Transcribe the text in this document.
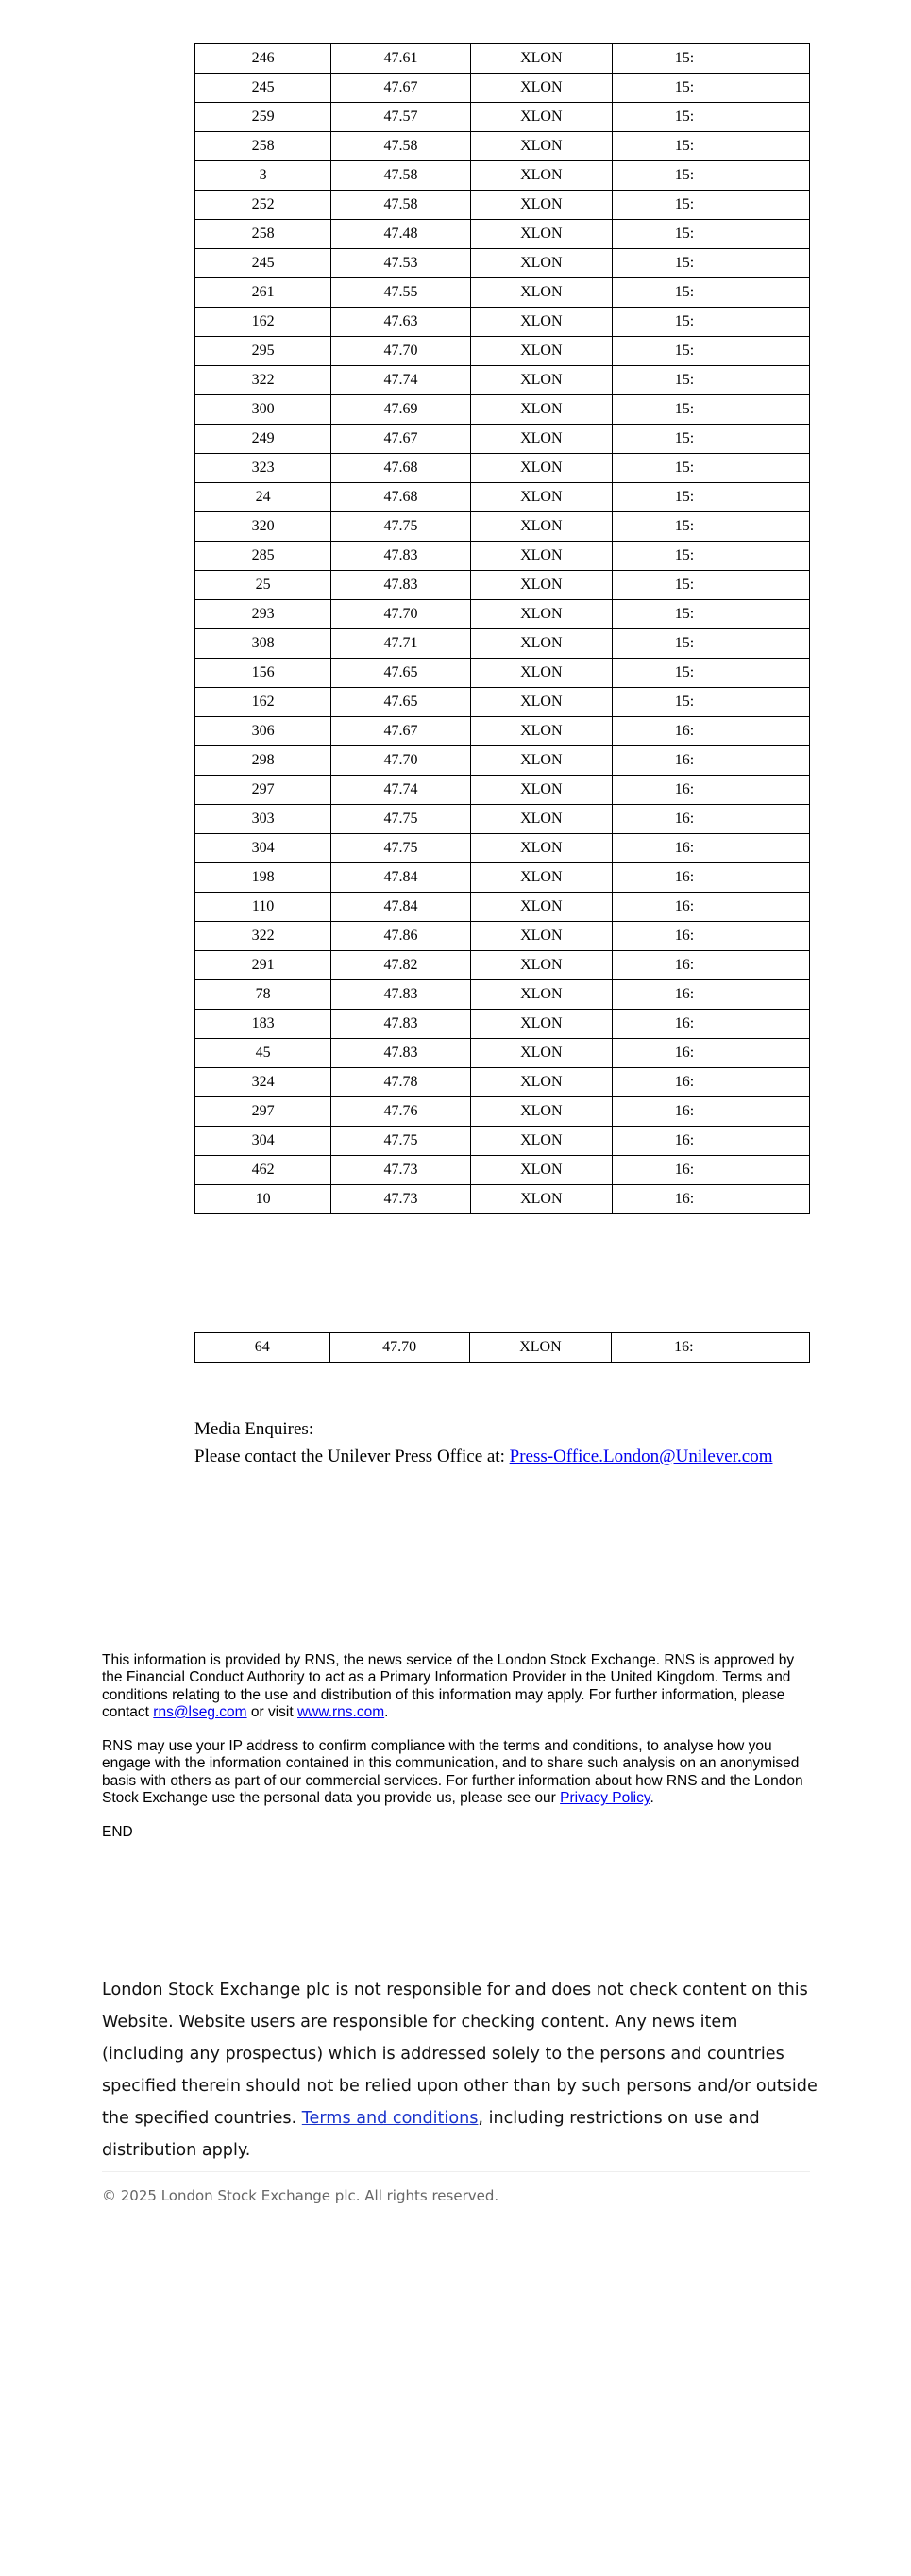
246	47.61	XLON	15:
245	47.67	XLON	15:
259	47.57	XLON	15:
258	47.58	XLON	15:
3	47.58	XLON	15:
252	47.58	XLON	15:
258	47.48	XLON	15:
245	47.53	XLON	15:
261	47.55	XLON	15:
162	47.63	XLON	15:
295	47.70	XLON	15:
322	47.74	XLON	15:
300	47.69	XLON	15:
249	47.67	XLON	15:
323	47.68	XLON	15:
24	47.68	XLON	15:
320	47.75	XLON	15:
285	47.83	XLON	15:
25	47.83	XLON	15:
293	47.70	XLON	15:
308	47.71	XLON	15:
156	47.65	XLON	15:
162	47.65	XLON	15:
306	47.67	XLON	16:
298	47.70	XLON	16:
297	47.74	XLON	16:
303	47.75	XLON	16:
304	47.75	XLON	16:
198	47.84	XLON	16:
110	47.84	XLON	16:
322	47.86	XLON	16:
291	47.82	XLON	16:
78	47.83	XLON	16:
183	47.83	XLON	16:
45	47.83	XLON	16:
324	47.78	XLON	16:
297	47.76	XLON	16:
304	47.75	XLON	16:
462	47.73	XLON	16:
10	47.73	XLON	16:
64	47.70	XLON	16:
Media Enquires:
Please contact the Unilever Press Office at: Press-Office.London@Unilever.com

This information is provided by RNS, the news service of the London Stock Exchange. RNS is approved by the Financial Conduct Authority to act as a Primary Information Provider in the United Kingdom. Terms and conditions relating to the use and distribution of this information may apply. For further information, please contact rns@lseg.com or visit www.rns.com.

RNS may use your IP address to confirm compliance with the terms and conditions, to analyse how you engage with the information contained in this communication, and to share such analysis on an anonymised basis with others as part of our commercial services. For further information about how RNS and the London Stock Exchange use the personal data you provide us, please see our Privacy Policy.

END

London Stock Exchange plc is not responsible for and does not check content on this Website. Website users are responsible for checking content. Any news item (including any prospectus) which is addressed solely to the persons and countries specified therein should not be relied upon other than by such persons and/or outside the specified countries. Terms and conditions, including restrictions on use and distribution apply.
© 2025 London Stock Exchange plc. All rights reserved.
